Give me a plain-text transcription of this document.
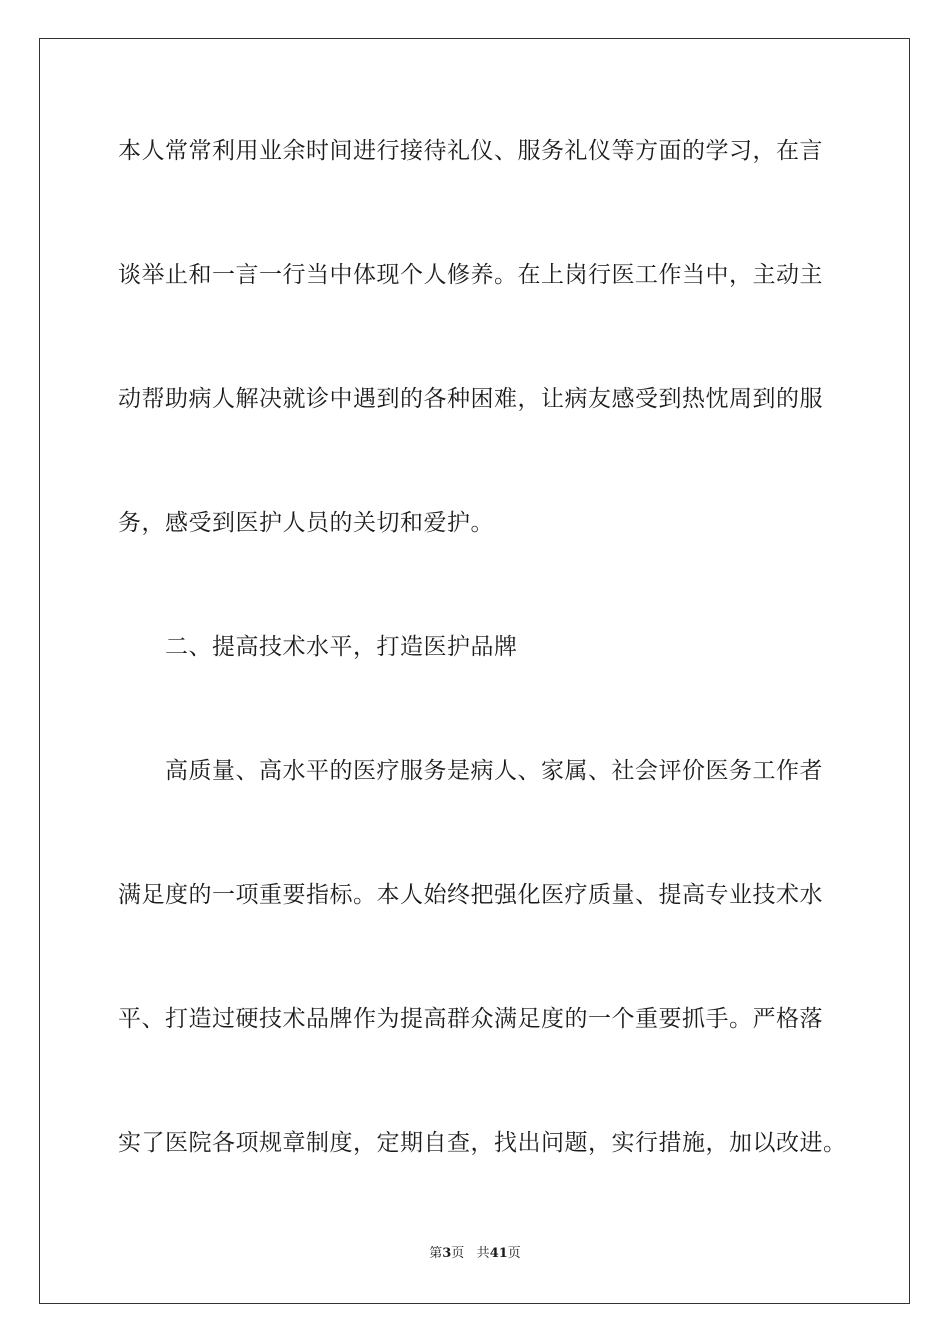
本人常常利用业余时间进行接待礼仪、服务礼仪等方面的学习，在言
谈举止和一言一行当中体现个人修养。在上岗行医工作当中，主动主
动帮助病人解决就诊中遇到的各种困难，让病友感受到热忱周到的服
务，感受到医护人员的关切和爱护。
二、提高技术水平，打造医护品牌
高质量、高水平的医疗服务是病人、家属、社会评价医务工作者
满足度的一项重要指标。本人始终把强化医疗质量、提高专业技术水
平、打造过硬技术品牌作为提高群众满足度的一个重要抓手。严格落
实了医院各项规章制度，定期自查，找出问题，实行措施，加以改进。
第3页 共41页
